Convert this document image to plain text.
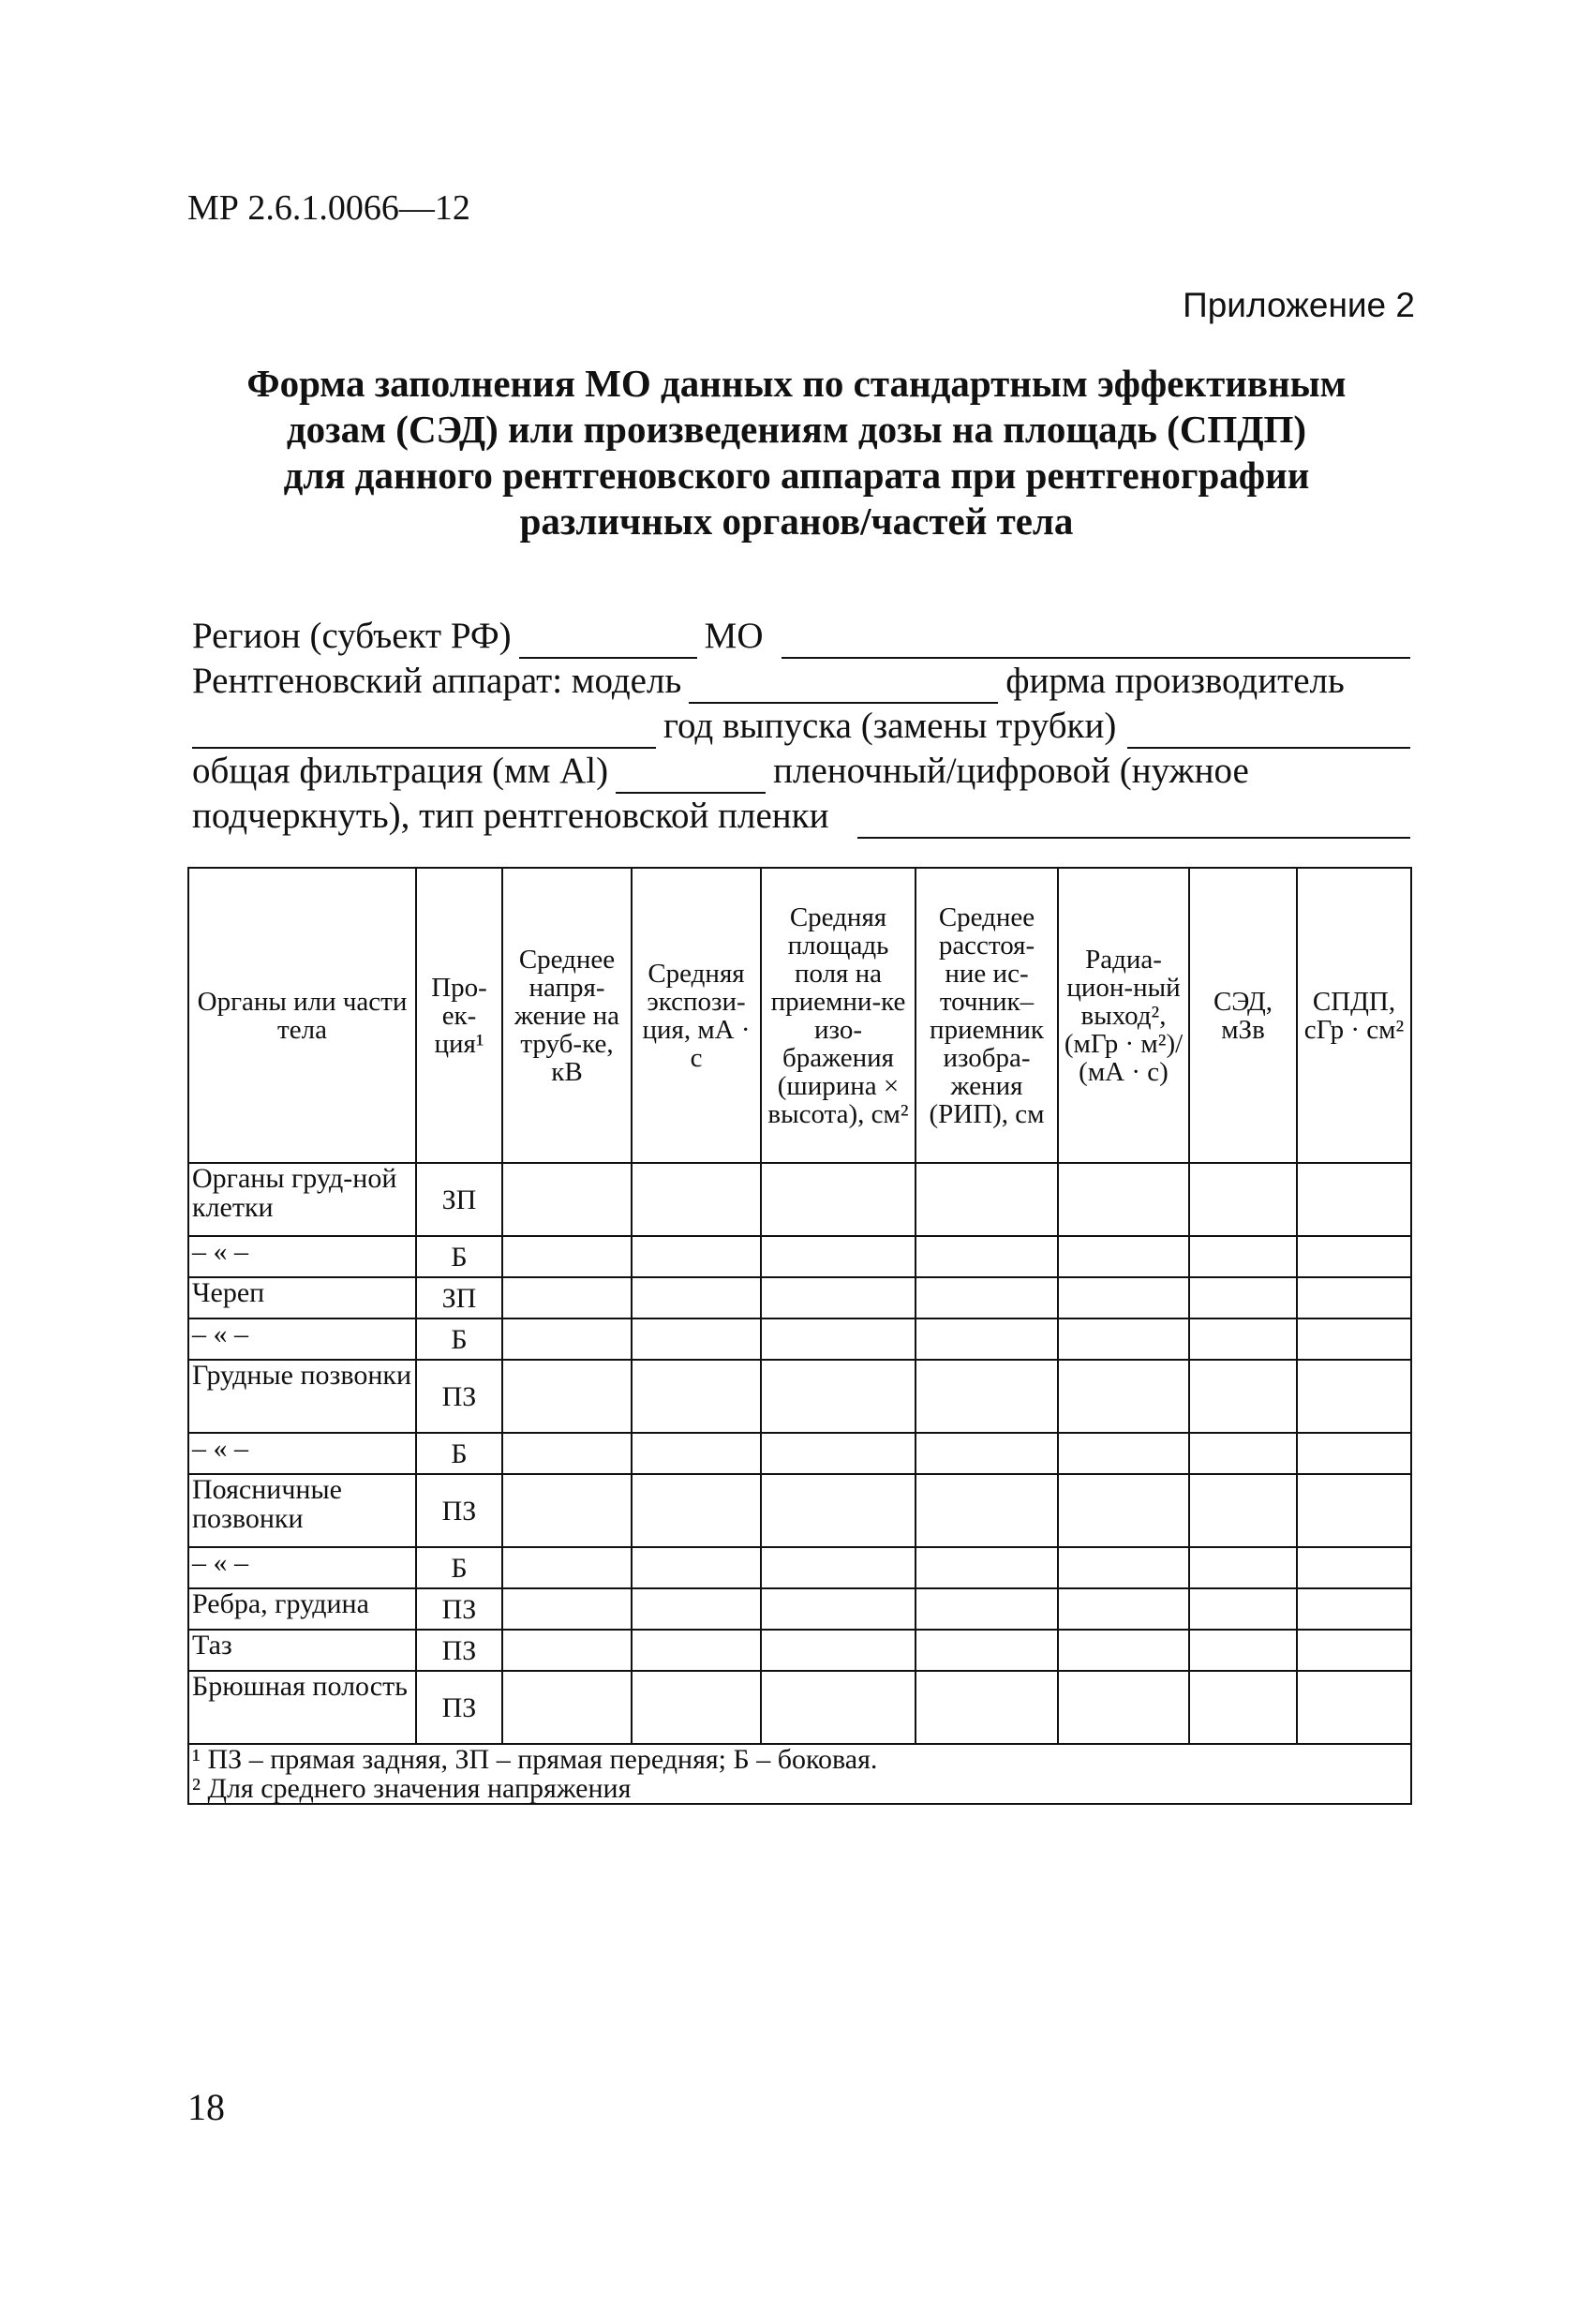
МР 2.6.1.0066—12
Приложение 2
Форма заполнения МО данных по стандартным эффективным
дозам (СЭД) или произведениям дозы на площадь (СПДП)
для данного рентгеновского аппарата при рентгенографии
различных органов/частей тела
Регион (субъект РФ)	МО
Рентгеновский аппарат: модель	фирма производитель
год выпуска (замены трубки)
общая фильтрация (мм Al)	пленочный/цифровой (нужное
подчеркнуть), тип рентгеновской пленки
Органы или части тела	Про-ек-ция¹	Среднее напря-жение на труб-ке, кВ	Средняя экспози-ция, мА · с	Средняя площадь поля на приемни-ке изо-бражения (ширина × высота), см²	Среднее расстоя-ние ис-точник–приемник изобра-жения (РИП), см	Радиа-цион-ный выход², (мГр · м²)/ (мА · с)	СЭД, мЗв	СПДП, сГр · см²
Органы груд-ной клетки	ЗП							
– « –	Б							
Череп	ЗП							
– « –	Б							
Грудные позвонки	ПЗ							
– « –	Б							
Поясничные позвонки	ПЗ							
– « –	Б							
Ребра, грудина	ПЗ							
Таз	ПЗ							
Брюшная полость	ПЗ							

¹ ПЗ – прямая задняя, ЗП – прямая передняя; Б – боковая.
² Для среднего значения напряжения								
18
